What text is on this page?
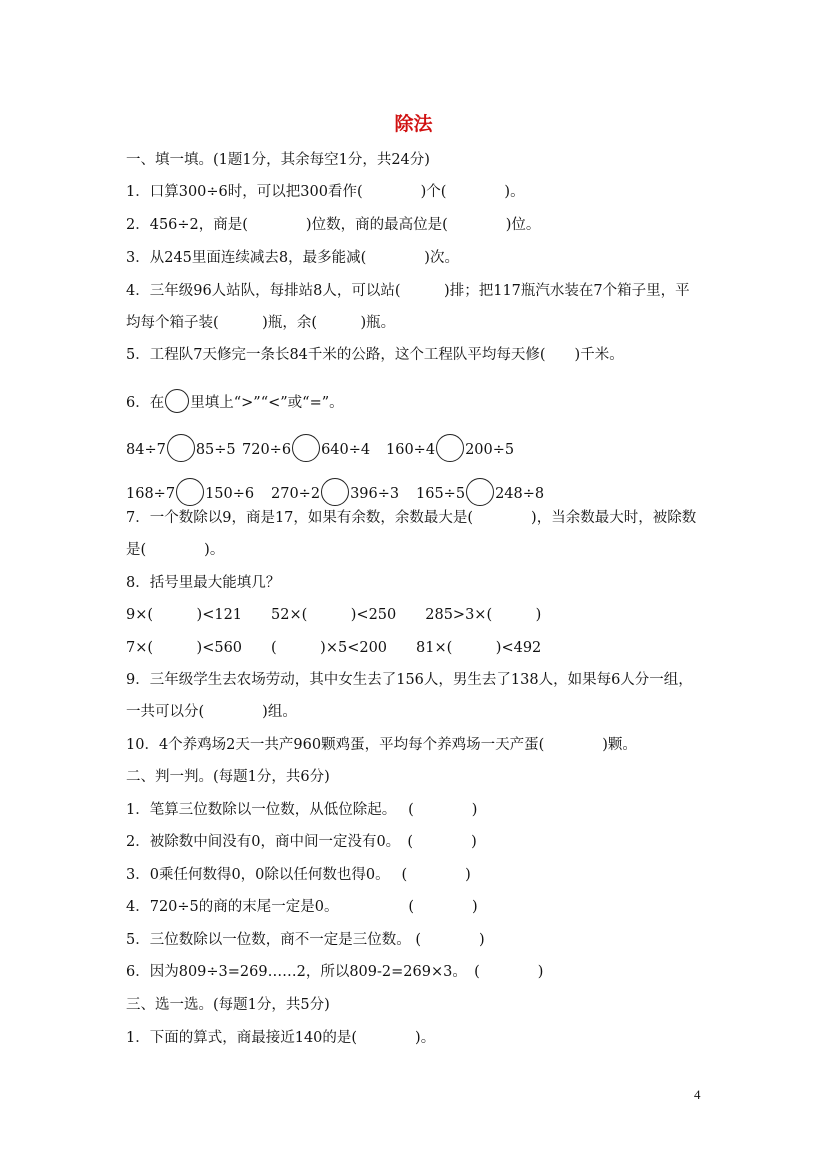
除法
一、填一填。(1题1分，其余每空1分，共24分)
1．口算300÷6时，可以把300看作(　　　　)个(　　　　)。
2．456÷2，商是(　　　　)位数，商的最高位是(　　　　)位。
3．从245里面连续减去8，最多能减(　　　　)次。
4．三年级96人站队，每排站8人，可以站(　　　)排；把117瓶汽水装在7个箱子里，平
均每个箱子装(　　　)瓶，余(　　　)瓶。
5．工程队7天修完一条长84千米的公路，这个工程队平均每天修(　　)千米。
6．在 里填上“>”“<”或“=”。
84÷7 85÷5 720÷6 640÷4 160÷4 200÷5
168÷7 150÷6 270÷2 396÷3 165÷5 248÷8
7．一个数除以9，商是17，如果有余数，余数最大是(　　　　)，当余数最大时，被除数
是(　　　　)。
8．括号里最大能填几？
9×(　　　)<121　　52×(　　　)<250　　285>3×(　　　)
7×(　　　)<560　　(　　　)×5<200　　81×(　　　)<492
9．三年级学生去农场劳动，其中女生去了156人，男生去了138人，如果每6人分一组，
一共可以分(　　　　)组。
10．4个养鸡场2天一共产960颗鸡蛋，平均每个养鸡场一天产蛋(　　　　)颗。
二、判一判。(每题1分，共6分)
1．笔算三位数除以一位数，从低位除起。　 (　　　　)
2．被除数中间没有0，商中间一定没有0。　(　　　　)
3．0乘任何数得0，0除以任何数也得0。　 (　　　　)
4．720÷5的商的末尾一定是0。　　　　　 (　　　　)
5．三位数除以一位数，商不一定是三位数。 (　　　　)
6．因为809÷3=269……2，所以809-2=269×3。　(　　　　)
三、选一选。(每题1分，共5分)
1．下面的算式，商最接近140的是(　　　　)。
4
